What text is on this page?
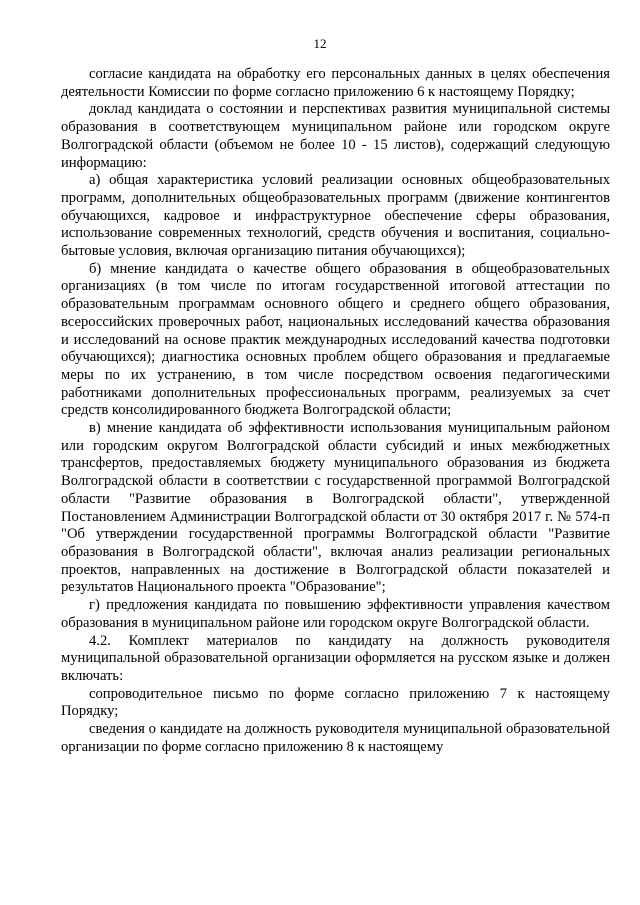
12

согласие кандидата на обработку его персональных данных в целях обеспечения деятельности Комиссии по форме согласно приложению 6 к настоящему Порядку;

доклад кандидата о состоянии и перспективах развития муниципальной системы образования в соответствующем муниципальном районе или городском округе Волгоградской области (объемом не более 10 - 15 листов), содержащий следующую информацию:

а) общая характеристика условий реализации основных общеобразовательных программ, дополнительных общеобразовательных программ (движение контингентов обучающихся, кадровое и инфраструктурное обеспечение сферы образования, использование современных технологий, средств обучения и воспитания, социально-бытовые условия, включая организацию питания обучающихся);

б) мнение кандидата о качестве общего образования в общеобразовательных организациях (в том числе по итогам государственной итоговой аттестации по образовательным программам основного общего и среднего общего образования, всероссийских проверочных работ, национальных исследований качества образования и исследований на основе практик международных исследований качества подготовки обучающихся); диагностика основных проблем общего образования и предлагаемые меры по их устранению, в том числе посредством освоения педагогическими работниками дополнительных профессиональных программ, реализуемых за счет средств консолидированного бюджета Волгоградской области;

в) мнение кандидата об эффективности использования муниципальным районом или городским округом Волгоградской области субсидий и иных межбюджетных трансфертов, предоставляемых бюджету муниципального образования из бюджета Волгоградской области в соответствии с государственной программой Волгоградской области "Развитие образования в Волгоградской области", утвержденной Постановлением Администрации Волгоградской области от 30 октября 2017 г. № 574-п "Об утверждении государственной программы Волгоградской области "Развитие образования в Волгоградской области", включая анализ реализации региональных проектов, направленных на достижение в Волгоградской области показателей и результатов Национального проекта "Образование";

г) предложения кандидата по повышению эффективности управления качеством образования в муниципальном районе или городском округе Волгоградской области.

4.2. Комплект материалов по кандидату на должность руководителя муниципальной образовательной организации оформляется на русском языке и должен включать:

сопроводительное письмо по форме согласно приложению 7 к настоящему Порядку;

сведения о кандидате на должность руководителя муниципальной образовательной организации по форме согласно приложению 8 к настоящему
